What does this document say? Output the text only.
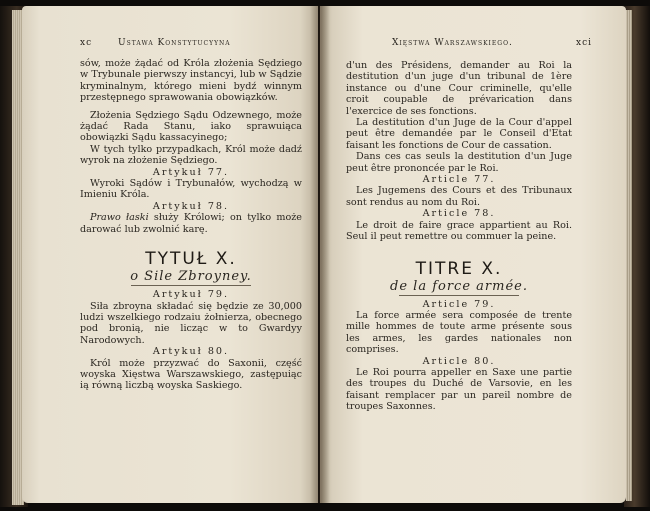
xc	Ustawa Konstytucyyna

sów, może żądać od Króla złożenia Sędziego w Trybunale pierwszy instancyi, lub w Sądzie kryminalnym, którego mieni bydź winnym przestępnego sprawowania obowiązków.

Złożenia Sędziego Sądu Odzewnego, może żądać Rada Stanu, iako sprawuiąca obowiązki Sądu kassacyinego;

W tych tylko przypadkach, Król może dadź wyrok na złożenie Sędziego.

Artykuł 77.

Wyroki Sądów i Trybunałów, wychodzą w Imieniu Króla.

Artykuł 78.

Prawo łaski służy Królowi; on tylko może darować lub zwolnić karę.

TYTUŁ X.

o Sile Zbroyney.

Artykuł 79.

Siła zbroyna składać się będzie ze 30,000 ludzi wszelkiego rodzaiu żołnierza, obecnego pod bronią, nie licząc w to Gwardyy Narodowych.

Artykuł 80.

Król może przyzwać do Saxonii, część woyska Xięstwa Warszawskiego, zastępuiąc ią równą liczbą woyska Saskiego.

Xięstwa Warszawskiego.	xci

d'un des Présidens, demander au Roi la destitution d'un juge d'un tribunal de 1ère instance ou d'une Cour criminelle, qu'elle croit coupable de prévarication dans l'exercice de ses fonctions.

La destitution d'un Juge de la Cour d'appel peut être demandée par le Conseil d'Etat faisant les fonctions de Cour de cassation.

Dans ces cas seuls la destitution d'un Juge peut être prononcée par le Roi.

Article 77.

Les Jugemens des Cours et des Tribunaux sont rendus au nom du Roi.

Article 78.

Le droit de faire grace appartient au Roi. Seul il peut remettre ou commuer la peine.

TITRE X.

de la force armée.

Article 79.

La force armée sera composée de trente mille hommes de toute arme présente sous les armes, les gardes nationales non comprises.

Article 80.

Le Roi pourra appeller en Saxe une partie des troupes du Duché de Varsovie, en les faisant remplacer par un pareil nombre de troupes Saxonnes.
